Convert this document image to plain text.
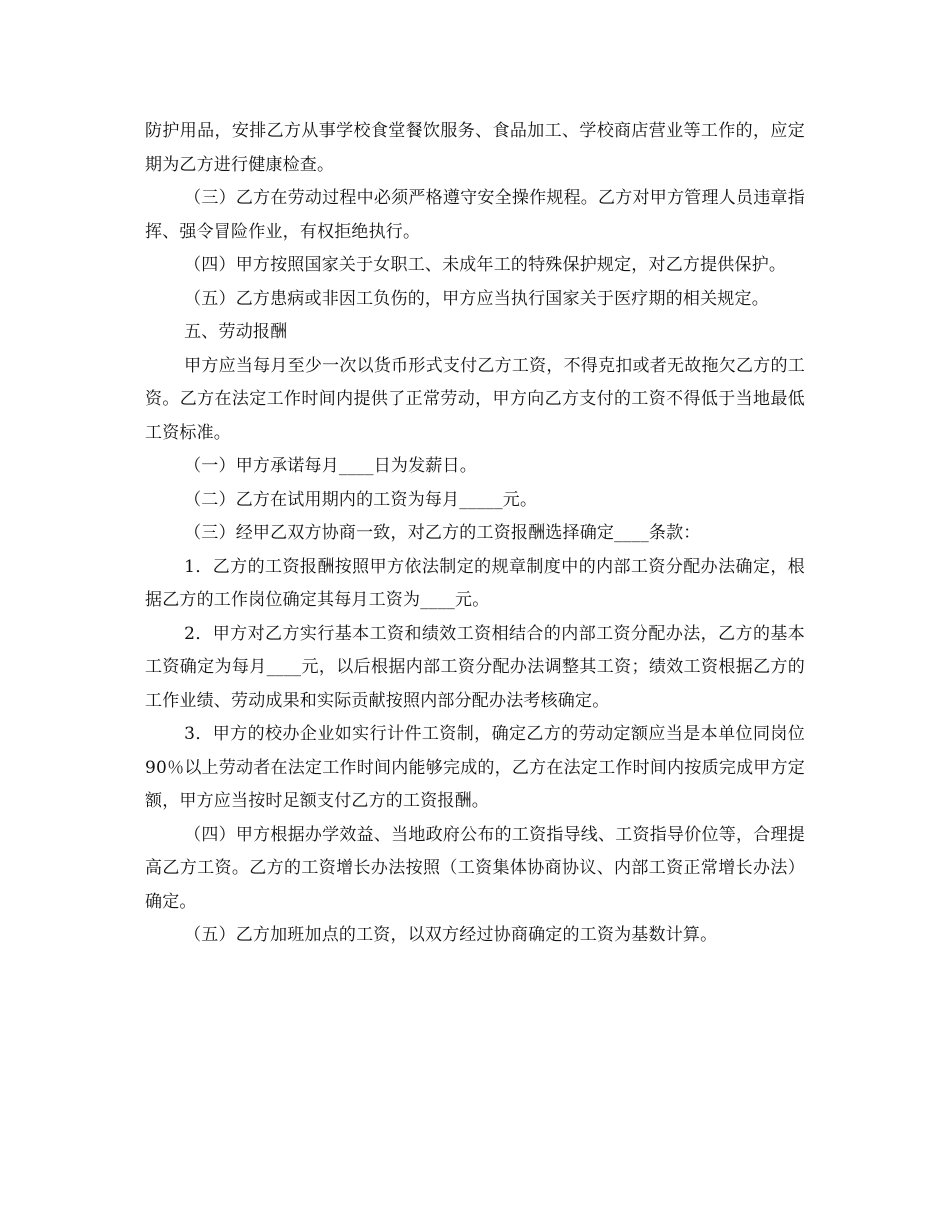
防护用品，安排乙方从事学校食堂餐饮服务、食品加工、学校商店营业等工作的，应定期为乙方进行健康检查。

（三）乙方在劳动过程中必须严格遵守安全操作规程。乙方对甲方管理人员违章指挥、强令冒险作业，有权拒绝执行。

（四）甲方按照国家关于女职工、未成年工的特殊保护规定，对乙方提供保护。

（五）乙方患病或非因工负伤的，甲方应当执行国家关于医疗期的相关规定。

五、劳动报酬

甲方应当每月至少一次以货币形式支付乙方工资，不得克扣或者无故拖欠乙方的工资。乙方在法定工作时间内提供了正常劳动，甲方向乙方支付的工资不得低于当地最低工资标准。

（一）甲方承诺每月____日为发薪日。

（二）乙方在试用期内的工资为每月_____元。

（三）经甲乙双方协商一致，对乙方的工资报酬选择确定____条款：

1．乙方的工资报酬按照甲方依法制定的规章制度中的内部工资分配办法确定，根据乙方的工作岗位确定其每月工资为____元。

2．甲方对乙方实行基本工资和绩效工资相结合的内部工资分配办法，乙方的基本工资确定为每月____元，以后根据内部工资分配办法调整其工资；绩效工资根据乙方的工作业绩、劳动成果和实际贡献按照内部分配办法考核确定。

3．甲方的校办企业如实行计件工资制，确定乙方的劳动定额应当是本单位同岗位90％以上劳动者在法定工作时间内能够完成的，乙方在法定工作时间内按质完成甲方定额，甲方应当按时足额支付乙方的工资报酬。

（四）甲方根据办学效益、当地政府公布的工资指导线、工资指导价位等，合理提高乙方工资。乙方的工资增长办法按照（工资集体协商协议、内部工资正常增长办法）确定。

（五）乙方加班加点的工资，以双方经过协商确定的工资为基数计算。
